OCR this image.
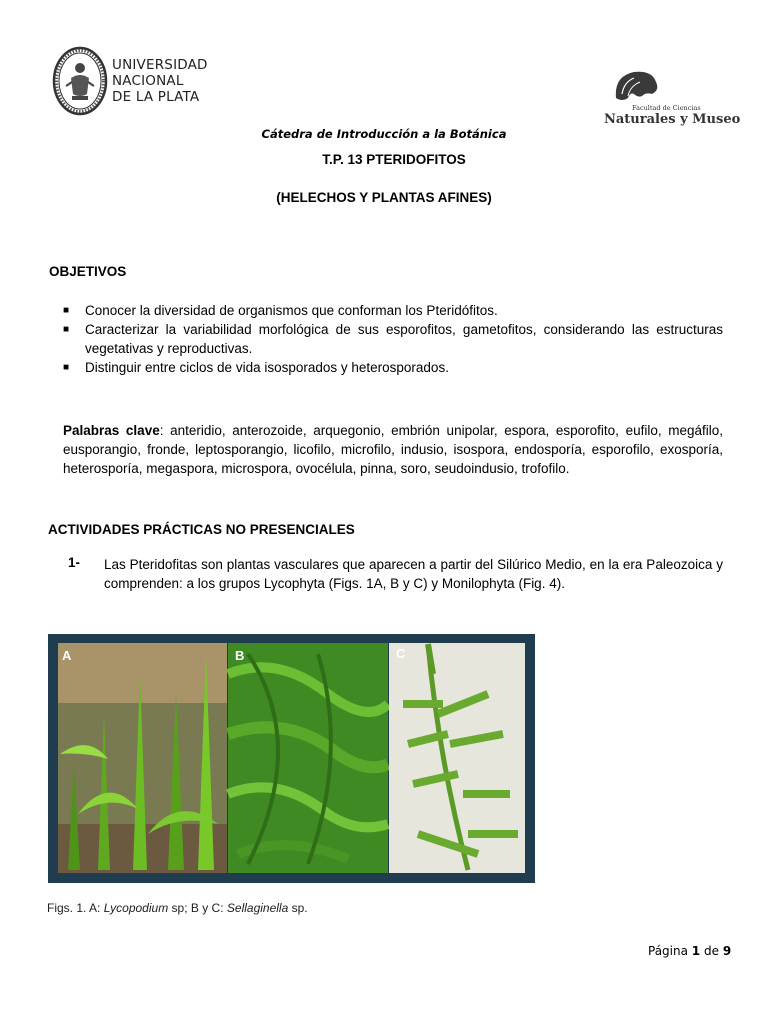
UNIVERSIDAD
NACIONAL
DE LA PLATA
Facultad de Ciencias
Naturales y Museo
Cátedra de Introducción a la Botánica
T.P. 13 PTERIDOFITOS
(HELECHOS Y PLANTAS AFINES)
OBJETIVOS
■ Conocer la diversidad de organismos que conforman los Pteridófitos.
■ Caracterizar la variabilidad morfológica de sus esporofitos, gametofitos, considerando las estructuras vegetativas y reproductivas.
■ Distinguir entre ciclos de vida isosporados y heterosporados.
Palabras clave: anteridio, anterozoide, arquegonio, embrión unipolar, espora, esporofito, eufilo, megáfilo, eusporangio, fronde, leptosporangio, licofilo, microfilo, indusio, isospora, endosporía, esporofilo, exosporía, heterosporía, megaspora, microspora, ovocélula, pinna, soro, seudoindusio, trofofilo.
ACTIVIDADES PRÁCTICAS NO PRESENCIALES
1- Las Pteridofitas son plantas vasculares que aparecen a partir del Silúrico Medio, en la era Paleozoica y comprenden: a los grupos Lycophyta (Figs. 1A, B y C) y Monilophyta (Fig. 4).
A	B	C
Figs. 1. A: Lycopodium sp; B y C: Sellaginella sp.
Página 1 de 9
